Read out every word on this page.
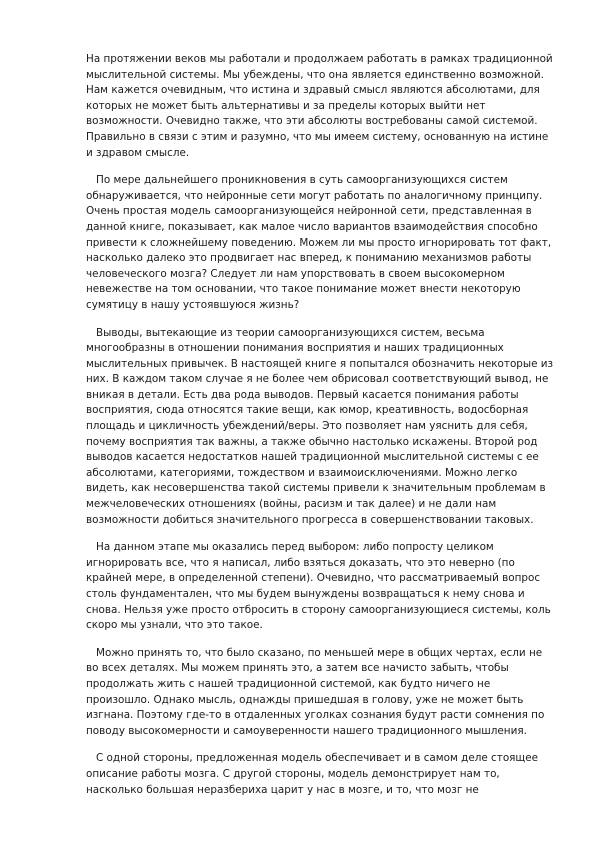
На протяжении веков мы работали и продолжаем работать в рамках традиционной мыслительной системы. Мы убеждены, что она является единственно возможной. Нам кажется очевидным, что истина и здравый смысл являются абсолютами, для которых не может быть альтернативы и за пределы которых выйти нет возможности. Очевидно также, что эти абсолюты востребованы самой системой. Правильно в связи с этим и разумно, что мы имеем систему, основанную на истине и здравом смысле.

По мере дальнейшего проникновения в суть самоорганизующихся систем обнаруживается, что нейронные сети могут работать по аналогичному принципу. Очень простая модель самоорганизующейся нейронной сети, представленная в данной книге, показывает, как малое число вариантов взаимодействия способно привести к сложнейшему поведению. Можем ли мы просто игнорировать тот факт, насколько далеко это продвигает нас вперед, к пониманию механизмов работы человеческого мозга? Следует ли нам упорствовать в своем высокомерном невежестве на том основании, что такое понимание может внести некоторую сумятицу в нашу устоявшуюся жизнь?

Выводы, вытекающие из теории самоорганизующихся систем, весьма многообразны в отношении понимания восприятия и наших традиционных мыслительных привычек. В настоящей книге я попытался обозначить некоторые из них. В каждом таком случае я не более чем обрисовал соответствующий вывод, не вникая в детали. Есть два рода выводов. Первый касается понимания работы восприятия, сюда относятся такие вещи, как юмор, креативность, водосборная площадь и цикличность убеждений/веры. Это позволяет нам уяснить для себя, почему восприятия так важны, а также обычно настолько искажены. Второй род выводов касается недостатков нашей традиционной мыслительной системы с ее абсолютами, категориями, тождеством и взаимоисключениями. Можно легко видеть, как несовершенства такой системы привели к значительным проблемам в межчеловеческих отношениях (войны, расизм и так далее) и не дали нам возможности добиться значительного прогресса в совершенствовании таковых.

На данном этапе мы оказались перед выбором: либо попросту целиком игнорировать все, что я написал, либо взяться доказать, что это неверно (по крайней мере, в определенной степени). Очевидно, что рассматриваемый вопрос столь фундаментален, что мы будем вынуждены возвращаться к нему снова и снова. Нельзя уже просто отбросить в сторону самоорганизующиеся системы, коль скоро мы узнали, что это такое.

Можно принять то, что было сказано, по меньшей мере в общих чертах, если не во всех деталях. Мы можем принять это, а затем все начисто забыть, чтобы продолжать жить с нашей традиционной системой, как будто ничего не произошло. Однако мысль, однажды пришедшая в голову, уже не может быть изгнана. Поэтому где-то в отдаленных уголках сознания будут расти сомнения по поводу высокомерности и самоуверенности нашего традиционного мышления.

С одной стороны, предложенная модель обеспечивает и в самом деле стоящее описание работы мозга. С другой стороны, модель демонстрирует нам то, насколько большая неразбериха царит у нас в мозге, и то, что мозг не
